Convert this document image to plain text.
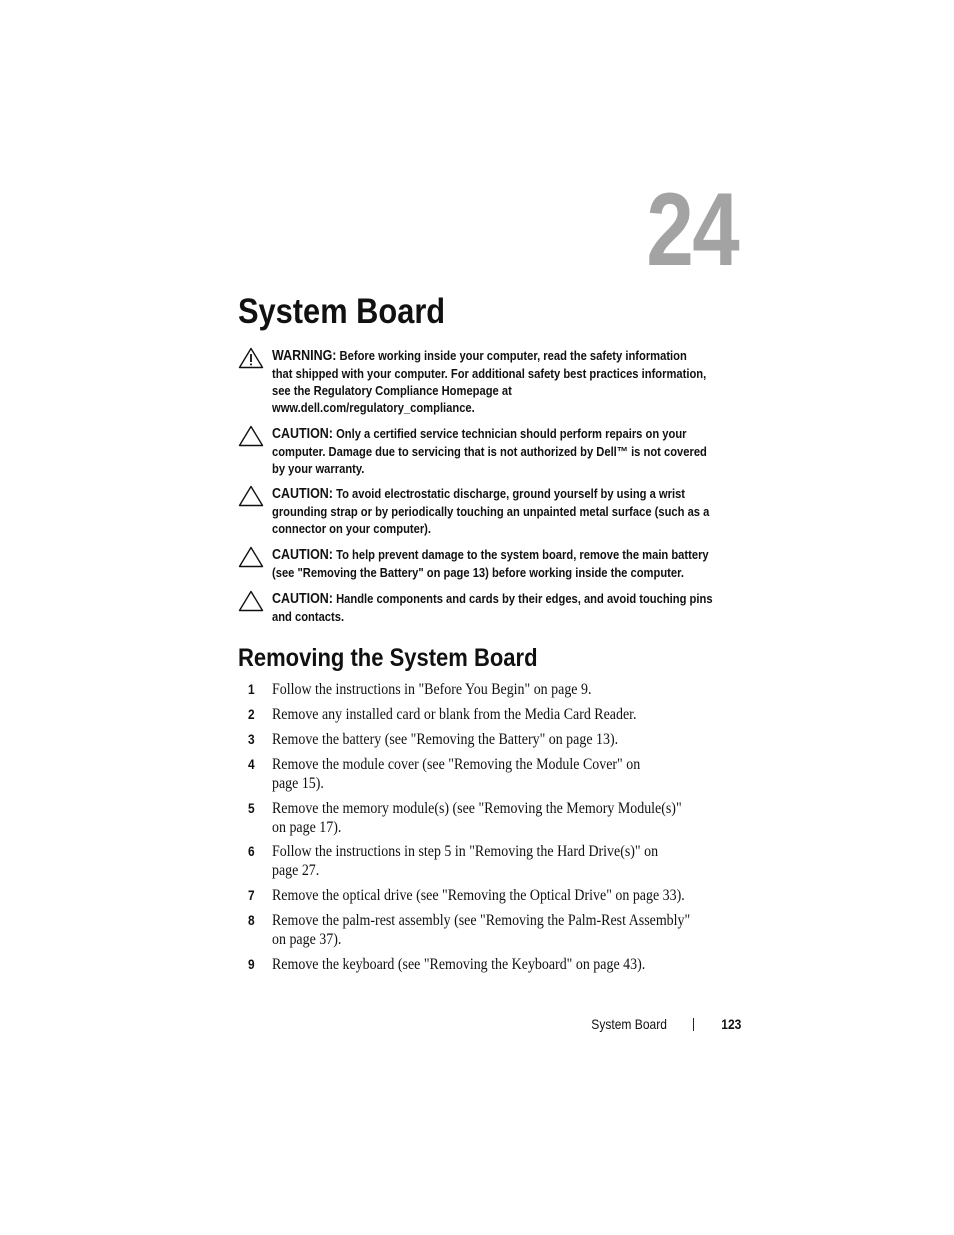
24
System Board
WARNING: Before working inside your computer, read the safety information
that shipped with your computer. For additional safety best practices information,
see the Regulatory Compliance Homepage at
www.dell.com/regulatory_compliance.
CAUTION: Only a certified service technician should perform repairs on your
computer. Damage due to servicing that is not authorized by Dell™ is not covered
by your warranty.
CAUTION: To avoid electrostatic discharge, ground yourself by using a wrist
grounding strap or by periodically touching an unpainted metal surface (such as a
connector on your computer).
CAUTION: To help prevent damage to the system board, remove the main battery
(see "Removing the Battery" on page 13) before working inside the computer.
CAUTION: Handle components and cards by their edges, and avoid touching pins
and contacts.
Removing the System Board
1 Follow the instructions in "Before You Begin" on page 9.
2 Remove any installed card or blank from the Media Card Reader.
3 Remove the battery (see "Removing the Battery" on page 13).
4 Remove the module cover (see "Removing the Module Cover" on
page 15).
5 Remove the memory module(s) (see "Removing the Memory Module(s)"
on page 17).
6 Follow the instructions in step 5 in "Removing the Hard Drive(s)" on
page 27.
7 Remove the optical drive (see "Removing the Optical Drive" on page 33).
8 Remove the palm-rest assembly (see "Removing the Palm-Rest Assembly"
on page 37).
9 Remove the keyboard (see "Removing the Keyboard" on page 43).
System Board	123
